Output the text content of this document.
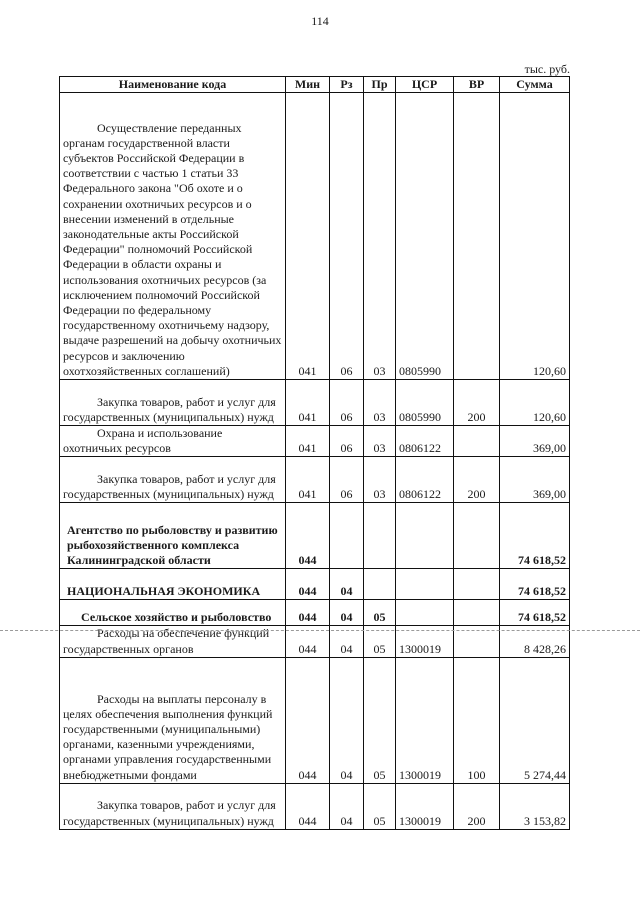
114
тыс. руб.
Наименование кода	Мин	Рз	Пр	ЦСР	ВР	Сумма

Осуществление переданных органам государственной власти субъектов Российской Федерации в соответствии с частью 1 статьи 33 Федерального закона "Об охоте и о сохранении охотничьих ресурсов и о внесении изменений в отдельные законодательные акты Российской Федерации" полномочий Российской Федерации в области охраны и использования охотничьих ресурсов (за исключением полномочий Российской Федерации по федеральному государственному охотничьему надзору, выдаче разрешений на добычу охотничьих ресурсов и заключению охотхозяйственных соглашений)	041	06	03	0805990		120,60

Закупка товаров, работ и услуг для государственных (муниципальных) нужд	041	06	03	0805990	200	120,60

Охрана и использование охотничьих ресурсов	041	06	03	0806122		369,00

Закупка товаров, работ и услуг для государственных (муниципальных) нужд	041	06	03	0806122	200	369,00

Агентство по рыболовству и развитию рыбохозяйственного комплекса Калининградской области	044					74 618,52

НАЦИОНАЛЬНАЯ ЭКОНОМИКА	044	04				74 618,52

Сельское хозяйство и рыболовство	044	04	05			74 618,52

Расходы на обеспечение функций государственных органов	044	04	05	1300019		8 428,26

Расходы на выплаты персоналу в целях обеспечения выполнения функций государственными (муниципальными) органами, казенными учреждениями, органами управления государственными внебюджетными фондами	044	04	05	1300019	100	5 274,44

Закупка товаров, работ и услуг для государственных (муниципальных) нужд	044	04	05	1300019	200	3 153,82
